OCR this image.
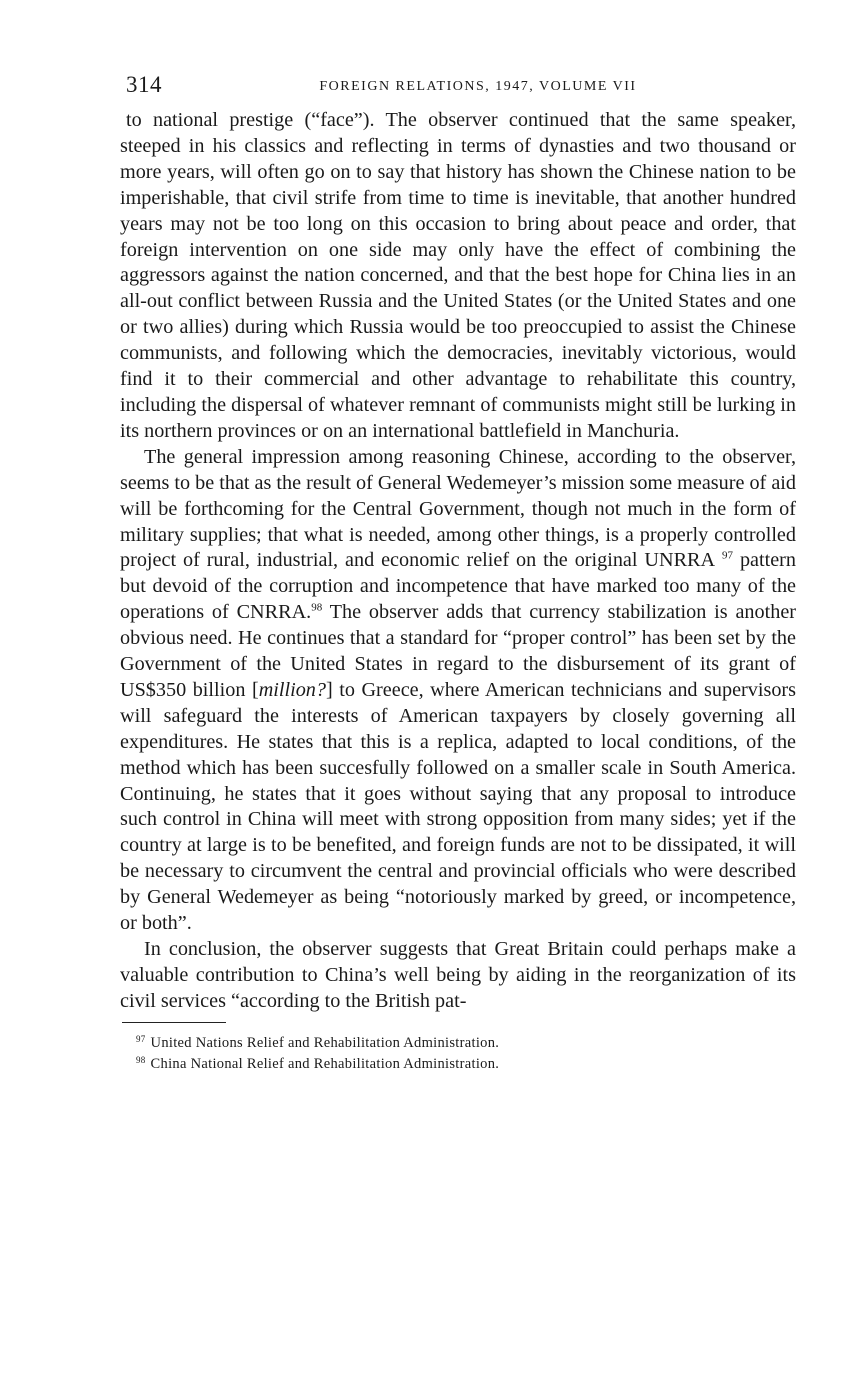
314	FOREIGN RELATIONS, 1947, VOLUME VII

to national prestige (“face”). The observer continued that the same speaker, steeped in his classics and reflecting in terms of dynasties and two thousand or more years, will often go on to say that history has shown the Chinese nation to be imperishable, that civil strife from time to time is inevitable, that another hundred years may not be too long on this occasion to bring about peace and order, that foreign intervention on one side may only have the effect of combining the aggressors against the nation concerned, and that the best hope for China lies in an all-out conflict between Russia and the United States (or the United States and one or two allies) during which Russia would be too preoccupied to assist the Chinese communists, and following which the democracies, inevitably victorious, would find it to their commercial and other advantage to rehabilitate this country, including the dispersal of whatever remnant of communists might still be lurking in its northern provinces or on an international battlefield in Manchuria.

The general impression among reasoning Chinese, according to the observer, seems to be that as the result of General Wedemeyer’s mission some measure of aid will be forthcoming for the Central Government, though not much in the form of military supplies; that what is needed, among other things, is a properly controlled project of rural, industrial, and economic relief on the original UNRRA $^{97}$ pattern but devoid of the corruption and incompetence that have marked too many of the operations of CNRRA.$^{98}$ The observer adds that currency stabilization is another obvious need. He continues that a standard for “proper control” has been set by the Government of the United States in regard to the disbursement of its grant of US$350 billion [million?] to Greece, where American technicians and supervisors will safeguard the interests of American taxpayers by closely governing all expenditures. He states that this is a replica, adapted to local conditions, of the method which has been succesfully followed on a smaller scale in South America. Continuing, he states that it goes without saying that any proposal to introduce such control in China will meet with strong opposition from many sides; yet if the country at large is to be benefited, and foreign funds are not to be dissipated, it will be necessary to circumvent the central and provincial officials who were described by General Wedemeyer as being “notoriously marked by greed, or incompetence, or both”.

In conclusion, the observer suggests that Great Britain could perhaps make a valuable contribution to China’s well being by aiding in the reorganization of its civil services “according to the British pat-

$^{97}$ United Nations Relief and Rehabilitation Administration.
$^{98}$ China National Relief and Rehabilitation Administration.
